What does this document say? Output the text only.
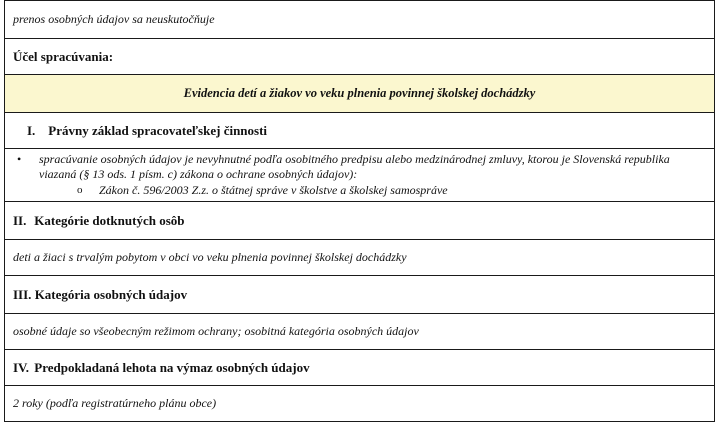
prenos osobných údajov sa neuskutočňuje
Účel spracúvania:
Evidencia detí a žiakov vo veku plnenia povinnej školskej dochádzky
I. Právny základ spracovateľskej činnosti

• spracúvanie osobných údajov je nevyhnutné podľa osobitného predpisu alebo medzinárodnej zmluvy, ktorou je Slovenská republika viazaná (§ 13 ods. 1 písm. c) zákona o ochrane osobných údajov):
o Zákon č. 596/2003 Z.z. o štátnej správe v školstve a školskej samospráve

II. Kategórie dotknutých osôb
deti a žiaci s trvalým pobytom v obci vo veku plnenia povinnej školskej dochádzky
III. Kategória osobných údajov
osobné údaje so všeobecným režimom ochrany; osobitná kategória osobných údajov
IV. Predpokladaná lehota na výmaz osobných údajov
2 roky (podľa registratúrneho plánu obce)
